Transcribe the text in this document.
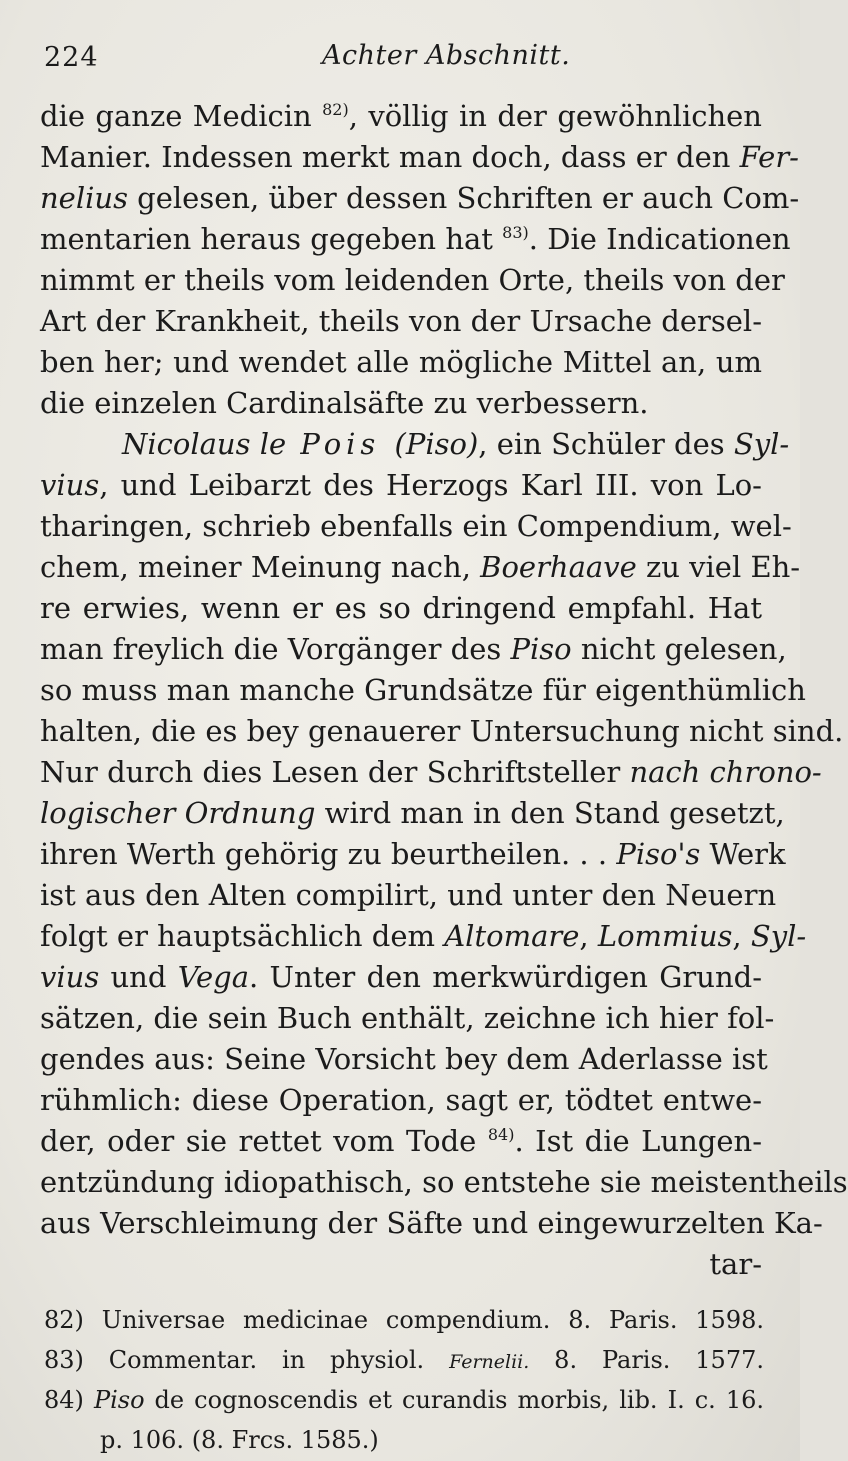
224	Achter Abschnitt.
die ganze Medicin $^{82)}$, völlig in der gewöhnlichen
Manier. Indessen merkt man doch, dass er den Fer-
nelius gelesen, über dessen Schriften er auch Com-
mentarien heraus gegeben hat $^{83)}$. Die Indicationen
nimmt er theils vom leidenden Orte, theils von der
Art der Krankheit, theils von der Ursache dersel-
ben her; und wendet alle mögliche Mittel an, um
die einzelen Cardinalsäfte zu verbessern.
Nicolaus le Pois (Piso), ein Schüler des Syl-
vius, und Leibarzt des Herzogs Karl III. von Lo-
tharingen, schrieb ebenfalls ein Compendium, wel-
chem, meiner Meinung nach, Boerhaave zu viel Eh-
re erwies, wenn er es so dringend empfahl. Hat
man freylich die Vorgänger des Piso nicht gelesen,
so muss man manche Grundsätze für eigenthümlich
halten, die es bey genauerer Untersuchung nicht sind.
Nur durch dies Lesen der Schriftsteller nach chrono-
logischer Ordnung wird man in den Stand gesetzt,
ihren Werth gehörig zu beurtheilen. . . Piso's Werk
ist aus den Alten compilirt, und unter den Neuern
folgt er hauptsächlich dem Altomare, Lommius, Syl-
vius und Vega. Unter den merkwürdigen Grund-
sätzen, die sein Buch enthält, zeichne ich hier fol-
gendes aus: Seine Vorsicht bey dem Aderlasse ist
rühmlich: diese Operation, sagt er, tödtet entwe-
der, oder sie rettet vom Tode $^{84)}$. Ist die Lungen-
entzündung idiopathisch, so entstehe sie meistentheils
aus Verschleimung der Säfte und eingewurzelten Ka-
tar-
82) Universae medicinae compendium. 8. Paris. 1598.
83) Commentar. in physiol. Fernelii. 8. Paris. 1577.
84) Piso de cognoscendis et curandis morbis, lib. I. c. 16.
p. 106. (8. Frcs. 1585.)
